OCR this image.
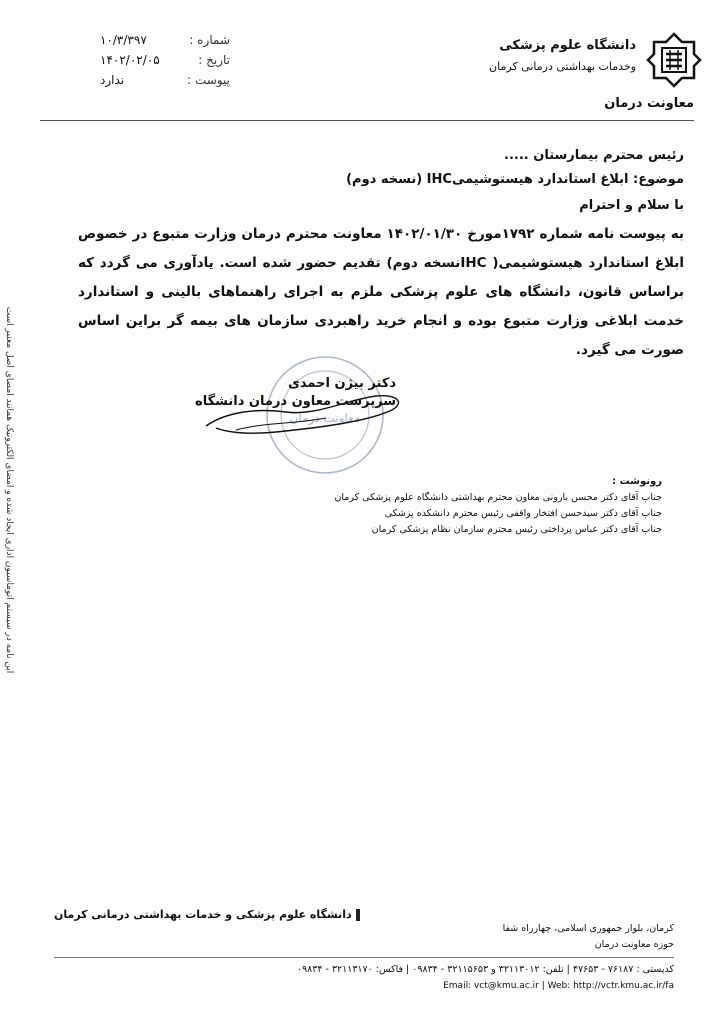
شماره :
۱۰/۳/۳۹۷
تاریخ :
۱۴۰۲/۰۲/۰۵
پیوست :
ندارد
دانشگاه علوم پزشکی
وخدمات بهداشتی درمانی کرمان
معاونت درمان
رئیس محترم بیمارستان .....
موضوع: ابلاغ استاندارد هیستوشیمیIHC (نسخه دوم)
با سلام و احترام
به پیوست نامه شماره ۱۷۹۲مورخ ۱۴۰۲/۰۱/۳۰ معاونت محترم درمان وزارت متبوع در خصوص ابلاغ استاندارد هیستوشیمی( IHCنسخه دوم) تقدیم حضور شده است. یادآوری می گردد که براساس قانون، دانشگاه های علوم پزشکی ملزم به اجرای راهنماهای بالینی و استاندارد خدمت ابلاغی وزارت متبوع بوده و انجام خرید راهبردی سازمان های بیمه گر براین اساس صورت می گیرد.
معاونت درمان
دکتر بیژن احمدی
سرپرست معاون درمان دانشگاه
رونوشت :
جناب آقای دکتر محسن بارونی معاون محترم بهداشتی دانشگاه علوم پزشکی کرمان
جناب آقای دکتر سیدحسن افتخار واقفی رئیس محترم دانشکده پزشکی
جناب آقای دکتر عباس پرداختی رئیس محترم سازمان نظام پزشکی کرمان
این نامه در سیستم اتوماسیون اداری ایجاد شده و امضای الکترونیک همانند امضای اصل معتبر است
دانشگاه علوم پزشکی و خدمات بهداشتی درمانی کرمان
کرمان، بلوار جمهوری اسلامی، چهارراه شفا
حوزه معاونت درمان
کدپستی : ۷۶۱۸۷ - ۴۷۶۵۳ | تلفن: ۳۲۱۱۳۰۱۲ و ۳۲۱۱۵۶۵۳ - ۰۹۸۳۴ | فاکس: ۳۲۱۱۳۱۷۰ - ۰۹۸۳۴
Email: vct@kmu.ac.ir | Web: http://vctr.kmu.ac.ir/fa
